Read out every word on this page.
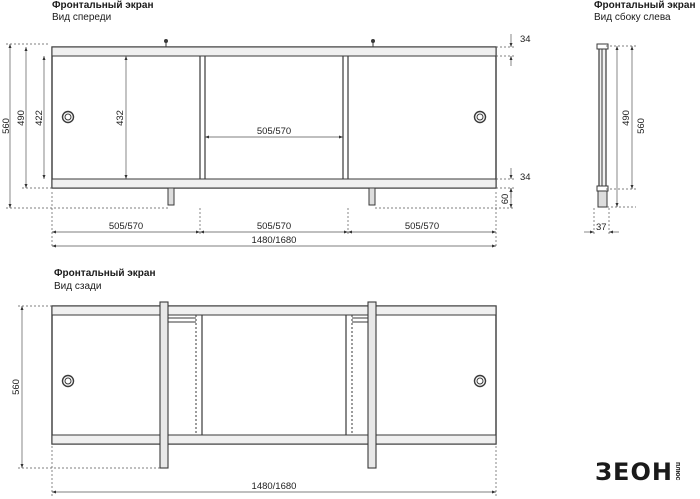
560
490 422	432
505/570
34
34
60
505/570	505/570	505/570
1480/1680
490
560
37
560
1480/1680
Фронтальный экран
Вид спереди
Фронтальный экран
Вид сбоку слева
Фронтальный экран
Вид сзади
ЗЕОН плюс
